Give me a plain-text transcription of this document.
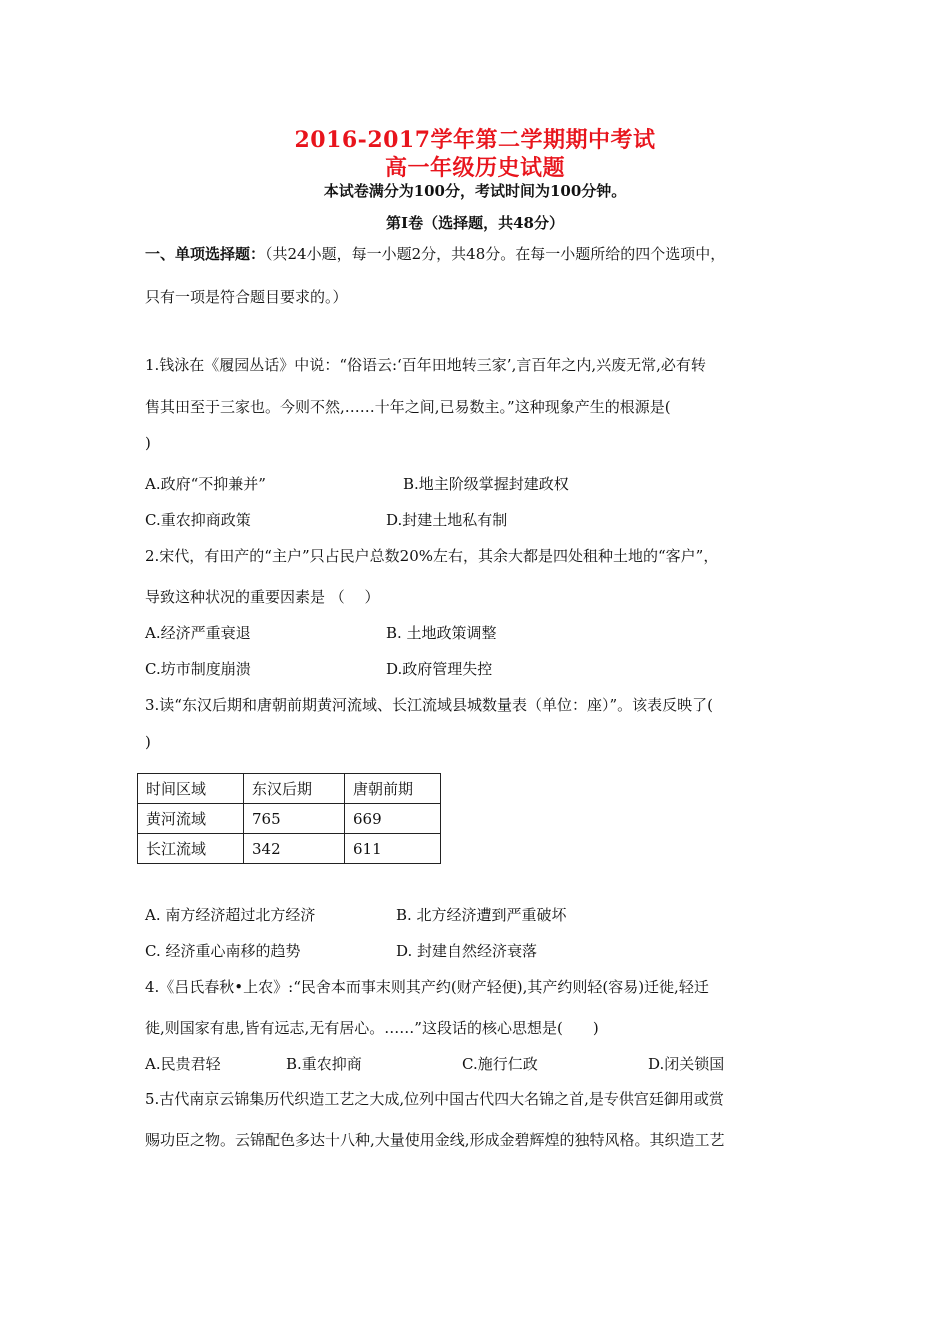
2016-2017学年第二学期期中考试
高一年级历史试题
本试卷满分为100分，考试时间为100分钟。
第Ⅰ卷（选择题，共48分）
一、单项选择题：（共24小题，每一小题2分，共48分。在每一小题所给的四个选项中，
只有一项是符合题目要求的。）
1.钱泳在《履园丛话》中说：“俗语云:‘百年田地转三家’,言百年之内,兴废无常,必有转
售其田至于三家也。今则不然,……十年之间,已易数主。”这种现象产生的根源是(
)
A.政府“不抑兼并”	B.地主阶级掌握封建政权
C.重农抑商政策	D.封建土地私有制
2.宋代，有田产的“主户”只占民户总数20%左右，其余大都是四处租种土地的“客户”，
导致这种状况的重要因素是 （　 ）
A.经济严重衰退	B. 土地政策调整
C.坊市制度崩溃	D.政府管理失控
3.读“东汉后期和唐朝前期黄河流域、长江流域县城数量表（单位：座）”。该表反映了(
)
时间区域	东汉后期	唐朝前期
黄河流域	765	669
长江流域	342	611
A. 南方经济超过北方经济	B. 北方经济遭到严重破坏
C. 经济重心南移的趋势	D. 封建自然经济衰落
4.《吕氏春秋•上农》:“民舍本而事末则其产约(财产轻便),其产约则轻(容易)迁徙,轻迁
徙,则国家有患,皆有远志,无有居心。……”这段话的核心思想是(　　)
A.民贵君轻	B.重农抑商	C.施行仁政	D.闭关锁国
5.古代南京云锦集历代织造工艺之大成,位列中国古代四大名锦之首,是专供宫廷御用或赏
赐功臣之物。云锦配色多达十八种,大量使用金线,形成金碧辉煌的独特风格。其织造工艺
